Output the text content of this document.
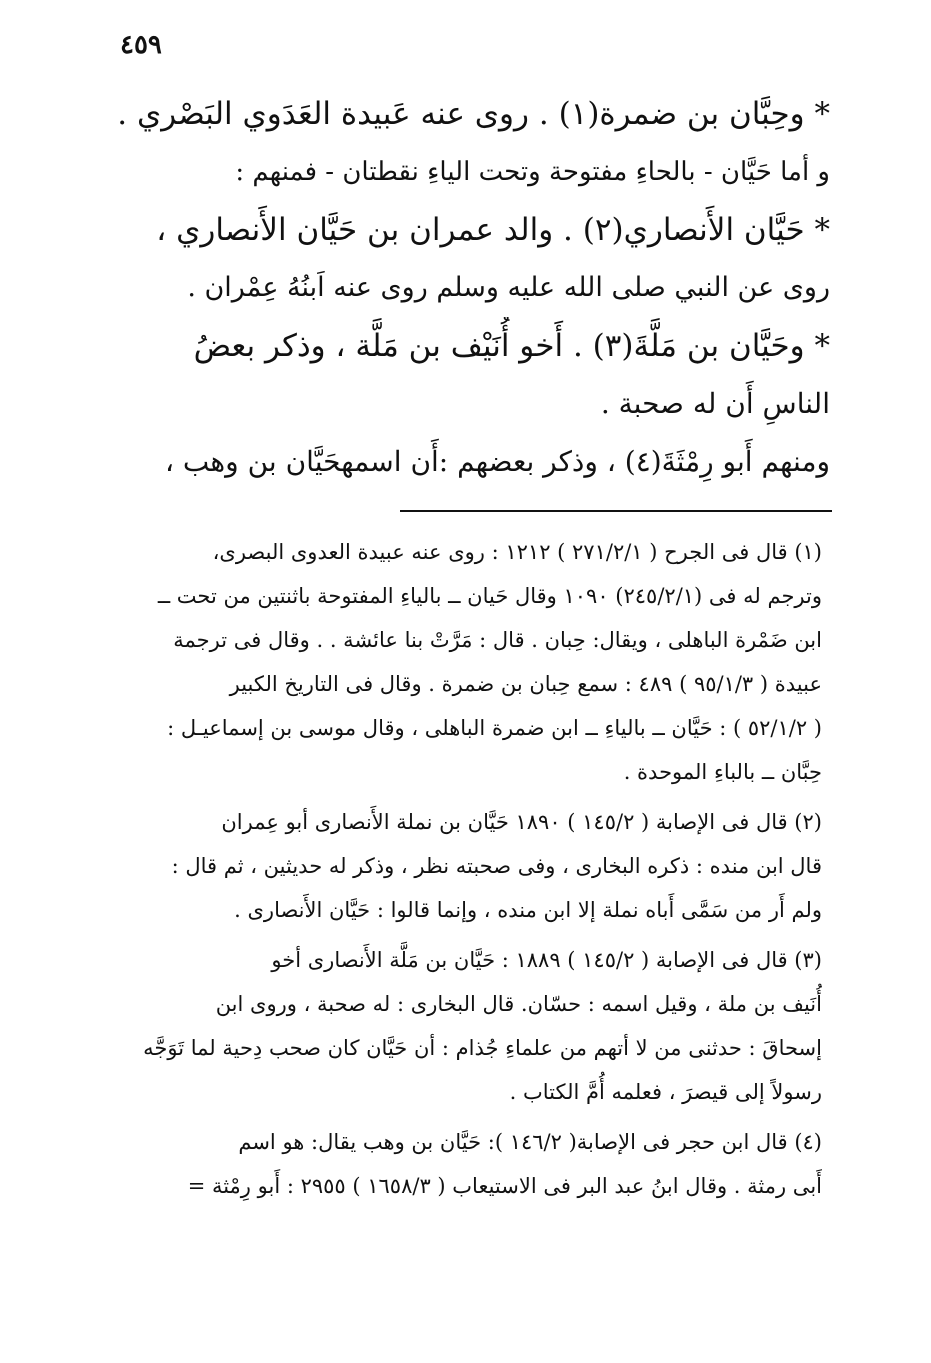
٤٥٩
* وحِبَّان بن ضمرة(١) . روى عنه عَبيدة العَدَوي البَصْري .
و أما حَيَّان - بالحاءِ مفتوحة وتحت الياءِ نقطتان - فمنهم :
* حَيَّان الأَنصاري(٢) . والد عمران بن حَيَّان الأَنصاري ،
روى عن النبي صلى الله عليه وسلم روى عنه اَبنُهُ عِمْران .
* وحَيَّان بن مَلَّةَ(٣) . أَخو أُنَيْف بن مَلَّة ، وذكر بعضُ
الناسِ أَن له صحبة .
ومنهم أَبو رِمْثَةَ(٤) ، وذكر بعضهم :أَن اسمهحَيَّان بن وهب ،
(١) قال فى الجرح ( ٢٧١/٢/١ ) ١٢١٢ : روى عنه عبيدة العدوى البصرى،
وترجم له فى (٢٤٥/٢/١) ١٠٩٠ وقال حَيان ــ بالياءِ المفتوحة باثنتين من تحت ــ
ابن ضَمْرة الباهلى ، ويقال: حِبان . قال : مَرَّتْ بنا عائشة . . وقال فى ترجمة
عبيدة ( ٩٥/١/٣ ) ٤٨٩ : سمع حِبان بن ضمرة . وقال فى التاريخ الكبير
( ٥٢/١/٢ ) : حَيَّان ــ بالياءِ ــ ابن ضمرة الباهلى ، وقال موسى بن إسماعيـل :
حِبَّان ــ بالباءِ الموحدة .
(٢) قال فى الإصابة ( ١٤٥/٢ ) ١٨٩٠ حَيَّان بن نملة الأَنصارى أبو عِمران
قال ابن منده : ذكره البخارى ، وفى صحبته نظر ، وذكر له حديثين ، ثم قال :
ولم أَر من سَمَّى أَباه نملة إلا ابن منده ، وإنما قالوا : حَيَّان الأَنصارى .
(٣) قال فى الإصابة ( ١٤٥/٢ ) ١٨٨٩ : حَيَّان بن مَلَّة الأَنصارى أخو
أُنَيف بن ملة ، وقيل اسمه : حسّان. قال البخارى : له صحبة ، وروى ابن
إسحاقَ : حدثنى من لا أتهم من علماءِ جُذام : أن حَيَّان كان صحب دِحية لما تَوَجَّه
رسولاً إلى قيصرَ ، فعلمه أُمَّ الكتاب .
(٤) قال ابن حجر فى الإصابة( ١٤٦/٢ ): حَيَّان بن وهب يقال: هو اسم
أَبى رمثة . وقال ابنُ عبد البر فى الاستيعاب ( ١٦٥٨/٣ ) ٢٩٥٥ : أَبو رِمْثة =
